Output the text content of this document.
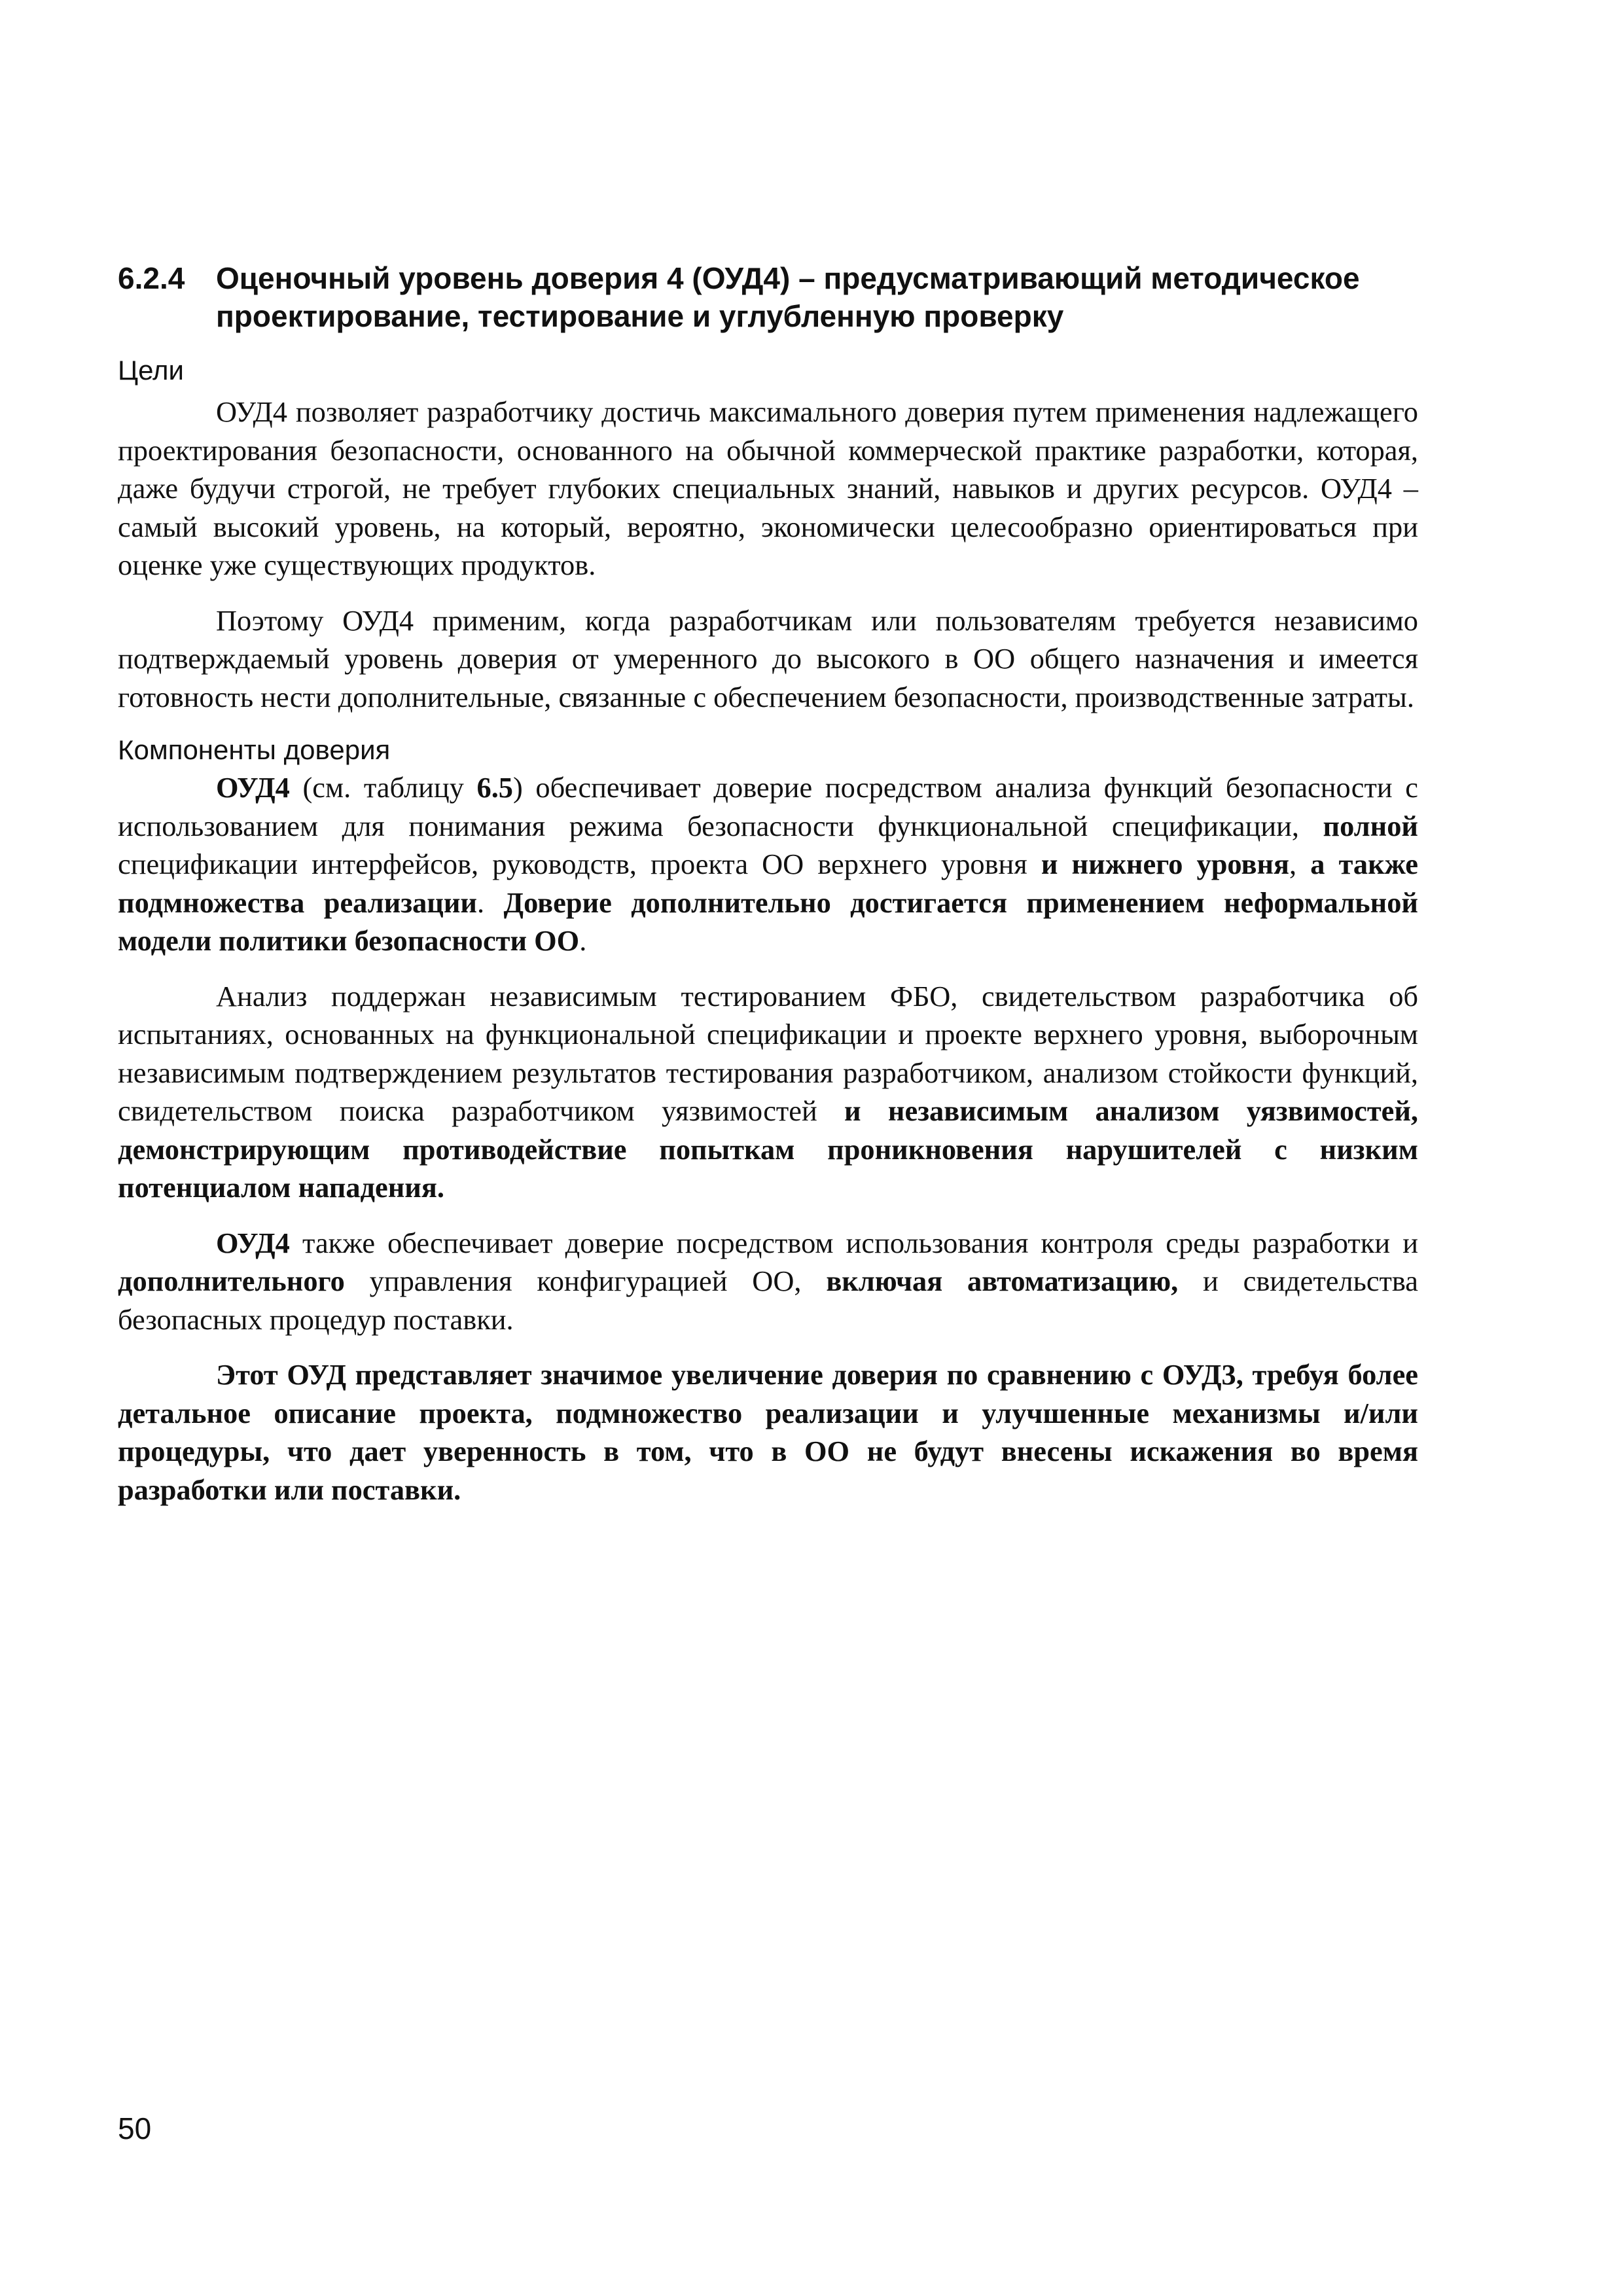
6.2.4 Оценочный уровень доверия 4 (ОУД4) – предусматривающий методическое проектирование, тестирование и углубленную проверку
Цели

ОУД4 позволяет разработчику достичь максимального доверия путем применения надлежащего проектирования безопасности, основанного на обычной коммерческой практике разработки, которая, даже будучи строгой, не требует глубоких специальных знаний, навыков и других ресурсов. ОУД4 – самый высокий уровень, на который, вероятно, экономически целесообразно ориентироваться при оценке уже существующих продуктов.

Поэтому ОУД4 применим, когда разработчикам или пользователям требуется независимо подтверждаемый уровень доверия от умеренного до высокого в ОО общего назначения и имеется готовность нести дополнительные, связанные с обеспечением безопасности, производственные затраты.

Компоненты доверия

ОУД4 (см. таблицу 6.5) обеспечивает доверие посредством анализа функций безопасности с использованием для понимания режима безопасности функциональной спецификации, полной спецификации интерфейсов, руководств, проекта ОО верхнего уровня и нижнего уровня, а также подмножества реализации. Доверие дополнительно достигается применением неформальной модели политики безопасности ОО.

Анализ поддержан независимым тестированием ФБО, свидетельством разработчика об испытаниях, основанных на функциональной спецификации и проекте верхнего уровня, выборочным независимым подтверждением результатов тестирования разработчиком, анализом стойкости функций, свидетельством поиска разработчиком уязвимостей и независимым анализом уязвимостей, демонстрирующим противодействие попыткам проникновения нарушителей с низким потенциалом нападения.

ОУД4 также обеспечивает доверие посредством использования контроля среды разработки и дополнительного управления конфигурацией ОО, включая автоматизацию, и свидетельства безопасных процедур поставки.

Этот ОУД представляет значимое увеличение доверия по сравнению с ОУД3, требуя более детальное описание проекта, подмножество реализации и улучшенные механизмы и/или процедуры, что дает уверенность в том, что в ОО не будут внесены искажения во время разработки или поставки.

50
